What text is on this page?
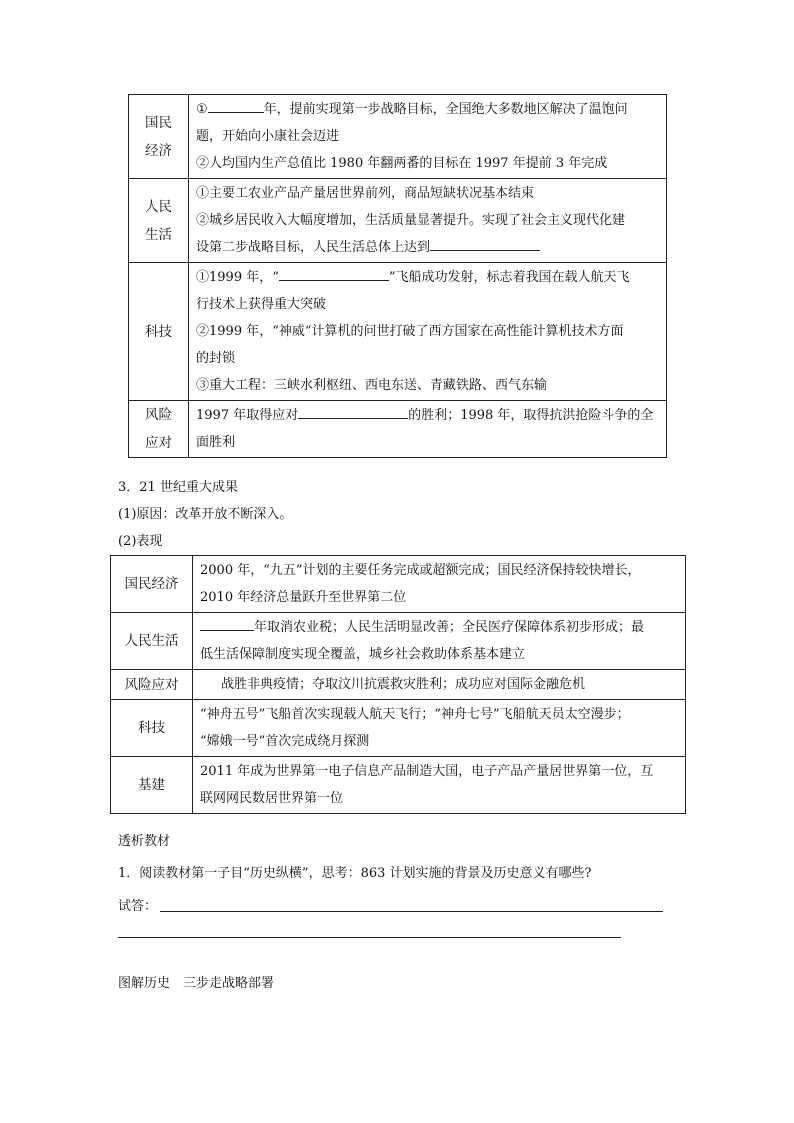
国民
经济	① 年，提前实现第一步战略目标，全国绝大多数地区解决了温饱问
题，开始向小康社会迈进
②人均国内生产总值比 1980 年翻两番的目标在 1997 年提前 3 年完成

人民
生活	①主要工农业产品产量居世界前列，商品短缺状况基本结束
②城乡居民收入大幅度增加，生活质量显著提升。实现了社会主义现代化建
设第二步战略目标，人民生活总体上达到

科技	①1999 年，“ ”飞船成功发射，标志着我国在载人航天飞
行技术上获得重大突破
②1999 年，“神威”计算机的问世打破了西方国家在高性能计算机技术方面
的封锁
③重大工程：三峡水利枢纽、西电东送、青藏铁路、西气东输

风险
应对	1997 年取得应对 的胜利；1998 年，取得抗洪抢险斗争的全
面胜利
3．21 世纪重大成果
(1)原因：改革开放不断深入。
(2)表现
国民经济	2000 年，“九五”计划的主要任务完成或超额完成；国民经济保持较快增长，
2010 年经济总量跃升至世界第二位

人民生活	年取消农业税；人民生活明显改善；全民医疗保障体系初步形成；最
低生活保障制度实现全覆盖，城乡社会救助体系基本建立

风险应对	战胜非典疫情；夺取汶川抗震救灾胜利；成功应对国际金融危机

科技	“神舟五号”飞船首次实现载人航天飞行；“神舟七号”飞船航天员太空漫步；
“嫦娥一号”首次完成绕月探测

基建	2011 年成为世界第一电子信息产品制造大国，电子产品产量居世界第一位，互
联网网民数居世界第一位
透析教材
1．阅读教材第一子目“历史纵横”，思考：863 计划实施的背景及历史意义有哪些?
试答：
图解历史　三步走战略部署
